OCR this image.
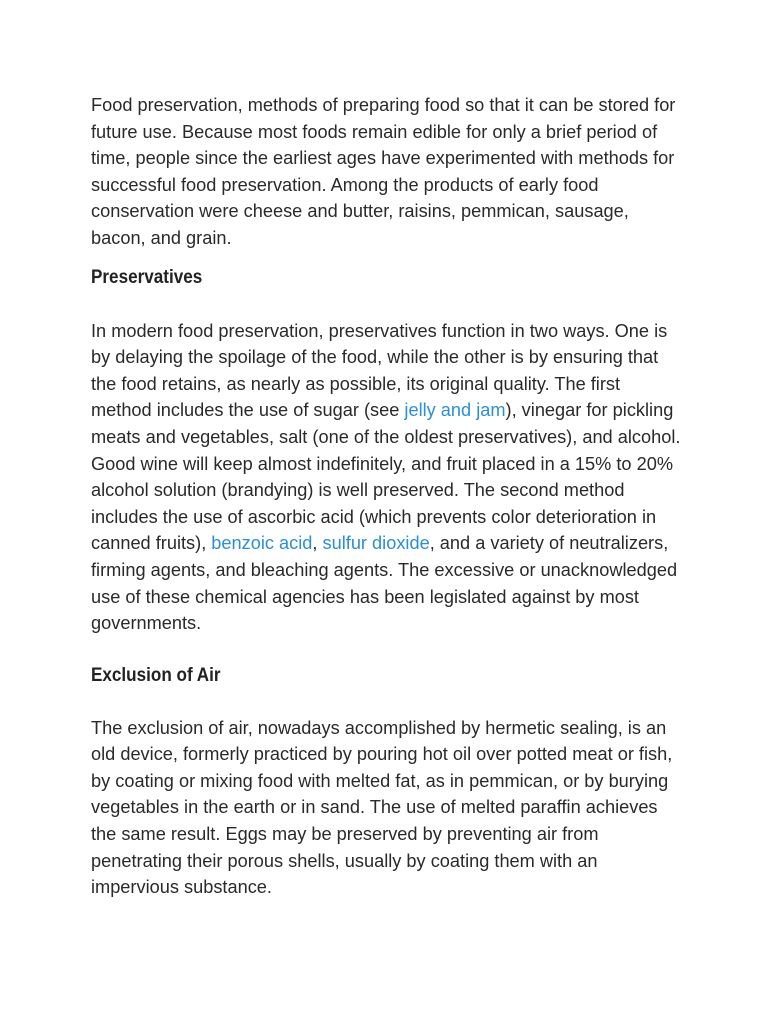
Food preservation, methods of preparing food so that it can be stored for future use. Because most foods remain edible for only a brief period of time, people since the earliest ages have experimented with methods for successful food preservation. Among the products of early food conservation were cheese and butter, raisins, pemmican, sausage, bacon, and grain.

Preservatives

In modern food preservation, preservatives function in two ways. One is by delaying the spoilage of the food, while the other is by ensuring that the food retains, as nearly as possible, its original quality. The first method includes the use of sugar (see jelly and jam), vinegar for pickling meats and vegetables, salt (one of the oldest preservatives), and alcohol. Good wine will keep almost indefinitely, and fruit placed in a 15% to 20% alcohol solution (brandying) is well preserved. The second method includes the use of ascorbic acid (which prevents color deterioration in canned fruits), benzoic acid, sulfur dioxide, and a variety of neutralizers, firming agents, and bleaching agents. The excessive or unacknowledged use of these chemical agencies has been legislated against by most governments.

Exclusion of Air

The exclusion of air, nowadays accomplished by hermetic sealing, is an old device, formerly practiced by pouring hot oil over potted meat or fish, by coating or mixing food with melted fat, as in pemmican, or by burying vegetables in the earth or in sand. The use of melted paraffin achieves the same result. Eggs may be preserved by preventing air from penetrating their porous shells, usually by coating them with an impervious substance.
